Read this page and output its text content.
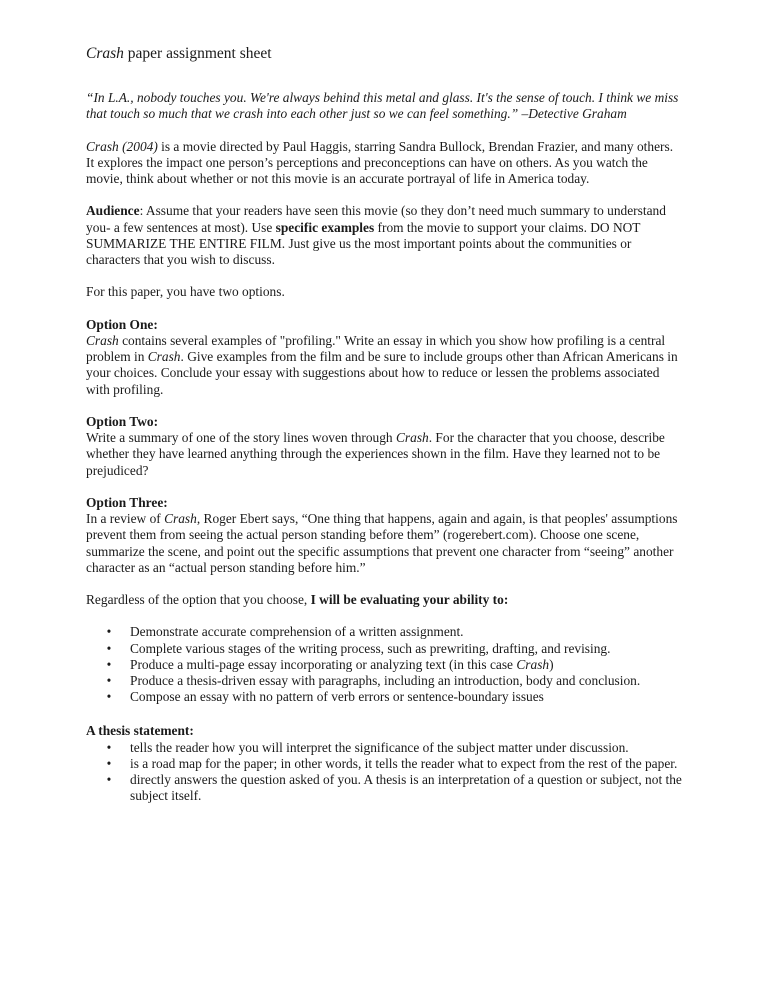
Crash paper assignment sheet

“In L.A., nobody touches you. We're always behind this metal and glass. It's the sense of touch. I think we miss that touch so much that we crash into each other just so we can feel something.” –Detective Graham

Crash (2004) is a movie directed by Paul Haggis, starring Sandra Bullock, Brendan Frazier, and many others. It explores the impact one person’s perceptions and preconceptions can have on others. As you watch the movie, think about whether or not this movie is an accurate portrayal of life in America today.

Audience: Assume that your readers have seen this movie (so they don’t need much summary to understand you- a few sentences at most). Use specific examples from the movie to support your claims. DO NOT SUMMARIZE THE ENTIRE FILM. Just give us the most important points about the communities or characters that you wish to discuss.

For this paper, you have two options.

Option One:

Crash contains several examples of "profiling." Write an essay in which you show how profiling is a central problem in Crash. Give examples from the film and be sure to include groups other than African Americans in your choices. Conclude your essay with suggestions about how to reduce or lessen the problems associated with profiling.

Option Two:

Write a summary of one of the story lines woven through Crash. For the character that you choose, describe whether they have learned anything through the experiences shown in the film. Have they learned not to be prejudiced?

Option Three:

In a review of Crash, Roger Ebert says, “One thing that happens, again and again, is that peoples' assumptions prevent them from seeing the actual person standing before them” (rogerebert.com). Choose one scene, summarize the scene, and point out the specific assumptions that prevent one character from “seeing” another character as an “actual person standing before him.”

Regardless of the option that you choose, I will be evaluating your ability to:

• Demonstrate accurate comprehension of a written assignment.
• Complete various stages of the writing process, such as prewriting, drafting, and revising.
• Produce a multi-page essay incorporating or analyzing text (in this case Crash)
• Produce a thesis-driven essay with paragraphs, including an introduction, body and conclusion.
• Compose an essay with no pattern of verb errors or sentence-boundary issues

A thesis statement:

• tells the reader how you will interpret the significance of the subject matter under discussion.
• is a road map for the paper; in other words, it tells the reader what to expect from the rest of the paper.
• directly answers the question asked of you. A thesis is an interpretation of a question or subject, not the subject itself.
